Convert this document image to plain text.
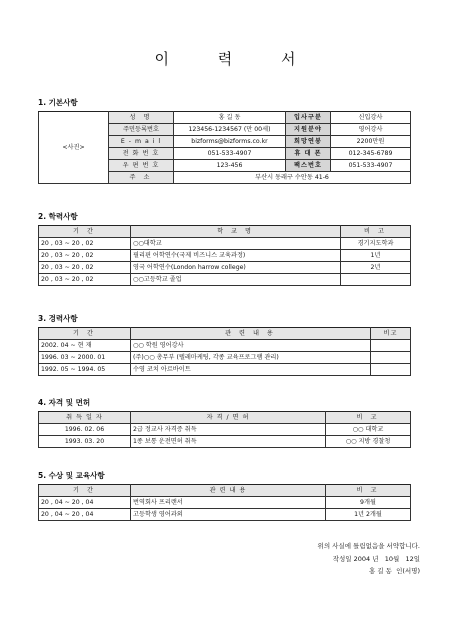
이 력 서
1. 기본사항
<사진>	성 명	홍 길 동	입사구분	신입강사
	주민등록번호	123456-1234567 (만 00세)	지원분야	영어강사
	E - m a i l	bizforms@bizforms.co.kr	희망연봉	2200만원
	전 화 번 호	051-533-4907	휴 대 폰	012-345-6789
	우 편 번 호	123-456	팩스번호	051-533-4907
	주 소	부산시 동래구 수안동 41-6		
2. 학력사항
기 간	학 교 명	비 고
20 , 03 ~ 20 , 02	○○대학교	경기지도학과
20 , 03 ~ 20 , 02	필리핀 어학연수(국제 비즈니스 교육과정)	1년
20 , 03 ~ 20 , 02	영국 어학연수(London harrow college)	2년
20 , 03 ~ 20 , 02	○○고등학교 졸업	
3. 경력사항
기 간	관 련 내 용	비고
2002. 04 ~ 현 재	○○ 학원 영어강사	
1996. 03 ~ 2000. 01	(주)○○ 총무부 (텔레마케팅, 각종 교육프로그램 관리)	
1992. 05 ~ 1994. 05	수영 코치 아르바이트	
4. 자격 및 면허
취 득 일 자	자 격 / 면 허	비 고
1996. 02. 06	2급 정교사 자격증 취득	○○ 대학교
1993. 03. 20	1종 보통 운전면허 취득	○○ 지방 경찰청
5. 수상 및 교육사항
기 간	관 련 내 용	비 고
20 , 04 ~ 20 , 04	번역회사 프리랜서	9개월
20 , 04 ~ 20 , 04	고등학생 영어과외	1년 2개월
위의 사실에 틀림없음을 서약합니다.
작성일 2004 년   10월   12일
홍 길 동  인(서명)
